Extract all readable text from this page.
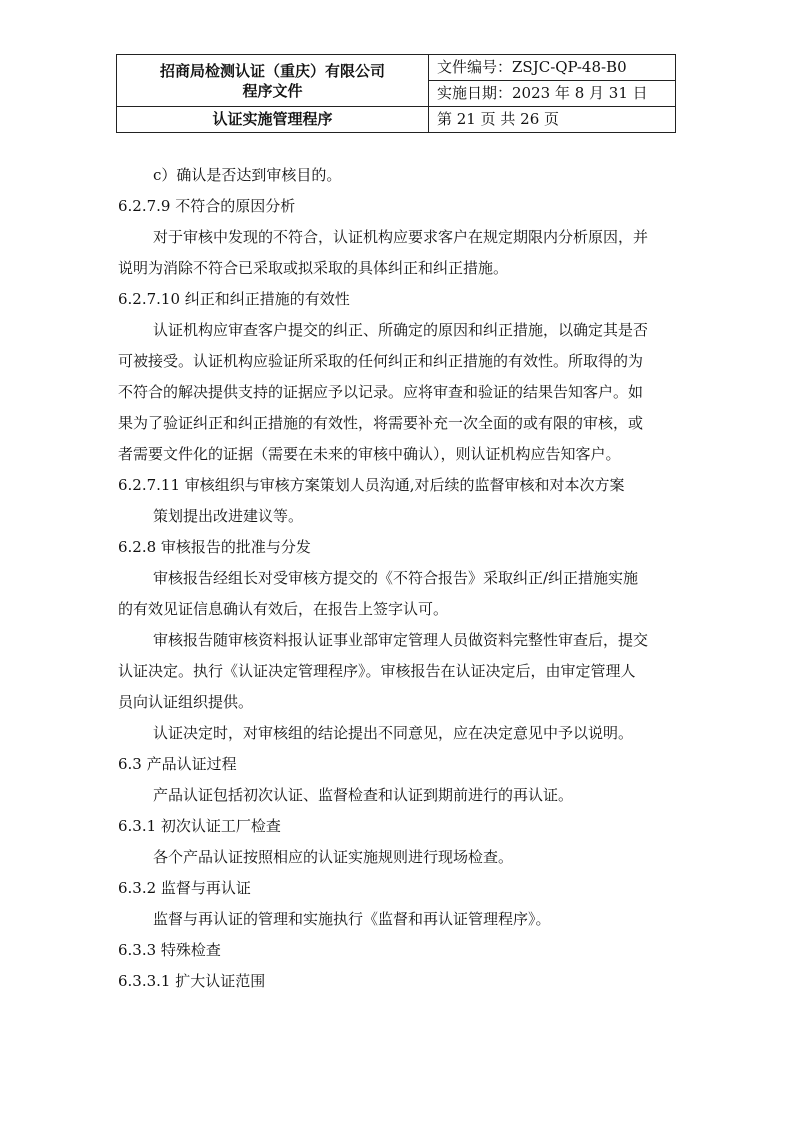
招商局检测认证（重庆）有限公司
程序文件	文件编号：ZSJC-QP-48-B0
	实施日期：2023 年 8 月 31 日
认证实施管理程序	第 21 页 共 26 页

c）确认是否达到审核目的。

6.2.7.9 不符合的原因分析

对于审核中发现的不符合，认证机构应要求客户在规定期限内分析原因，并

说明为消除不符合已采取或拟采取的具体纠正和纠正措施。

6.2.7.10 纠正和纠正措施的有效性

认证机构应审查客户提交的纠正、所确定的原因和纠正措施，以确定其是否

可被接受。认证机构应验证所采取的任何纠正和纠正措施的有效性。所取得的为

不符合的解决提供支持的证据应予以记录。应将审查和验证的结果告知客户。如

果为了验证纠正和纠正措施的有效性，将需要补充一次全面的或有限的审核，或

者需要文件化的证据（需要在未来的审核中确认），则认证机构应告知客户。

6.2.7.11 审核组织与审核方案策划人员沟通,对后续的监督审核和对本次方案

策划提出改进建议等。

6.2.8 审核报告的批准与分发

审核报告经组长对受审核方提交的《不符合报告》采取纠正/纠正措施实施

的有效见证信息确认有效后，在报告上签字认可。

审核报告随审核资料报认证事业部审定管理人员做资料完整性审查后，提交

认证决定。执行《认证决定管理程序》。审核报告在认证决定后，由审定管理人

员向认证组织提供。

认证决定时，对审核组的结论提出不同意见，应在决定意见中予以说明。

6.3 产品认证过程

产品认证包括初次认证、监督检查和认证到期前进行的再认证。

6.3.1 初次认证工厂检查

各个产品认证按照相应的认证实施规则进行现场检查。

6.3.2 监督与再认证

监督与再认证的管理和实施执行《监督和再认证管理程序》。

6.3.3 特殊检查

6.3.3.1 扩大认证范围
